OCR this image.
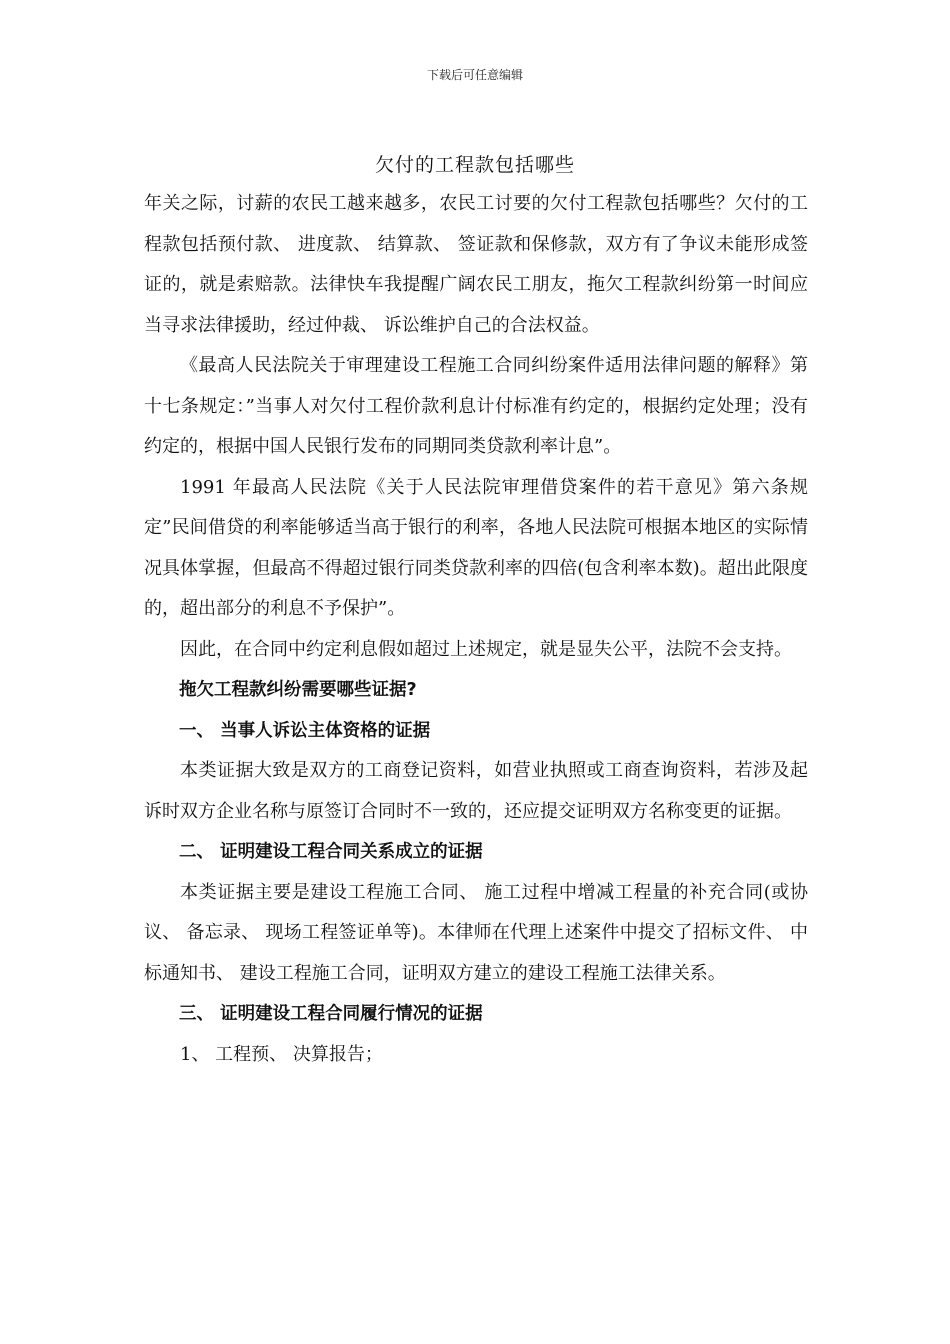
下载后可任意编辑
欠付的工程款包括哪些

年关之际，讨薪的农民工越来越多，农民工讨要的欠付工程款包括哪些？欠付的工程款包括预付款、 进度款、 结算款、 签证款和保修款，双方有了争议未能形成签证的，就是索赔款。法律快车我提醒广阔农民工朋友，拖欠工程款纠纷第一时间应当寻求法律援助，经过仲裁、 诉讼维护自己的合法权益。

《最高人民法院关于审理建设工程施工合同纠纷案件适用法律问题的解释》第十七条规定：”当事人对欠付工程价款利息计付标准有约定的，根据约定处理；没有约定的，根据中国人民银行发布的同期同类贷款利率计息”。

1991 年最高人民法院《关于人民法院审理借贷案件的若干意见》第六条规定”民间借贷的利率能够适当高于银行的利率，各地人民法院可根据本地区的实际情况具体掌握，但最高不得超过银行同类贷款利率的四倍(包含利率本数)。超出此限度的，超出部分的利息不予保护”。

因此，在合同中约定利息假如超过上述规定，就是显失公平，法院不会支持。

拖欠工程款纠纷需要哪些证据?

一、 当事人诉讼主体资格的证据

本类证据大致是双方的工商登记资料，如营业执照或工商查询资料，若涉及起诉时双方企业名称与原签订合同时不一致的，还应提交证明双方名称变更的证据。

二、 证明建设工程合同关系成立的证据

本类证据主要是建设工程施工合同、 施工过程中增减工程量的补充合同(或协议、 备忘录、 现场工程签证单等)。本律师在代理上述案件中提交了招标文件、 中标通知书、 建设工程施工合同，证明双方建立的建设工程施工法律关系。

三、 证明建设工程合同履行情况的证据

1、 工程预、 决算报告；
